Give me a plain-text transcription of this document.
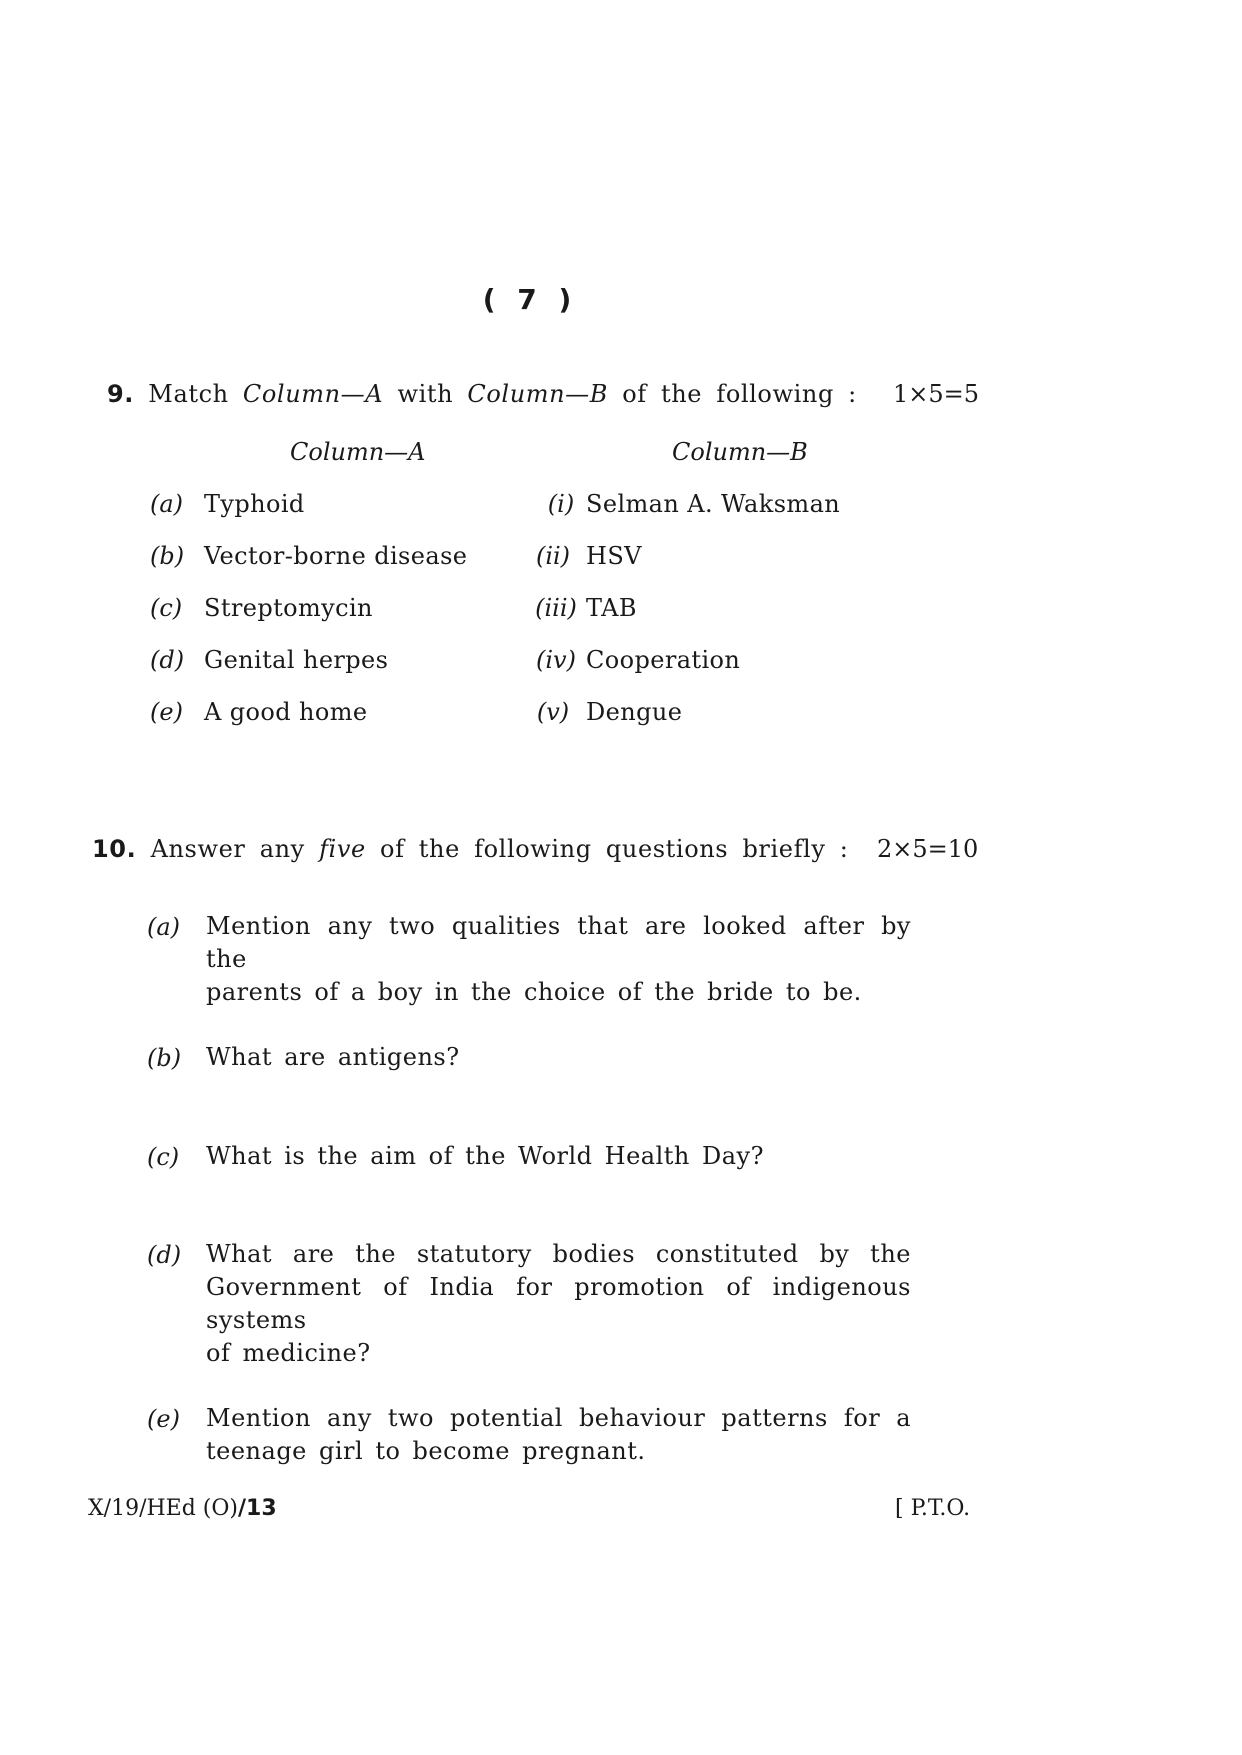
( 7 )
9. Match Column—A with Column—B of the following : 1×5=5
Column—A	Column—B
(a) Typhoid
(b) Vector-borne disease
(c) Streptomycin
(d) Genital herpes
(e) A good home
(i) Selman A. Waksman
(ii) HSV
(iii) TAB
(iv) Cooperation
(v) Dengue
10. Answer any five of the following questions briefly : 2×5=10
(a) Mention any two qualities that are looked after by the
parents of a boy in the choice of the bride to be.
(b) What are antigens?
(c) What is the aim of the World Health Day?
(d) What are the statutory bodies constituted by the
Government of India for promotion of indigenous systems
of medicine?
(e) Mention any two potential behaviour patterns for a
teenage girl to become pregnant.
X/19/HEd (O)/13	[ P.T.O.
